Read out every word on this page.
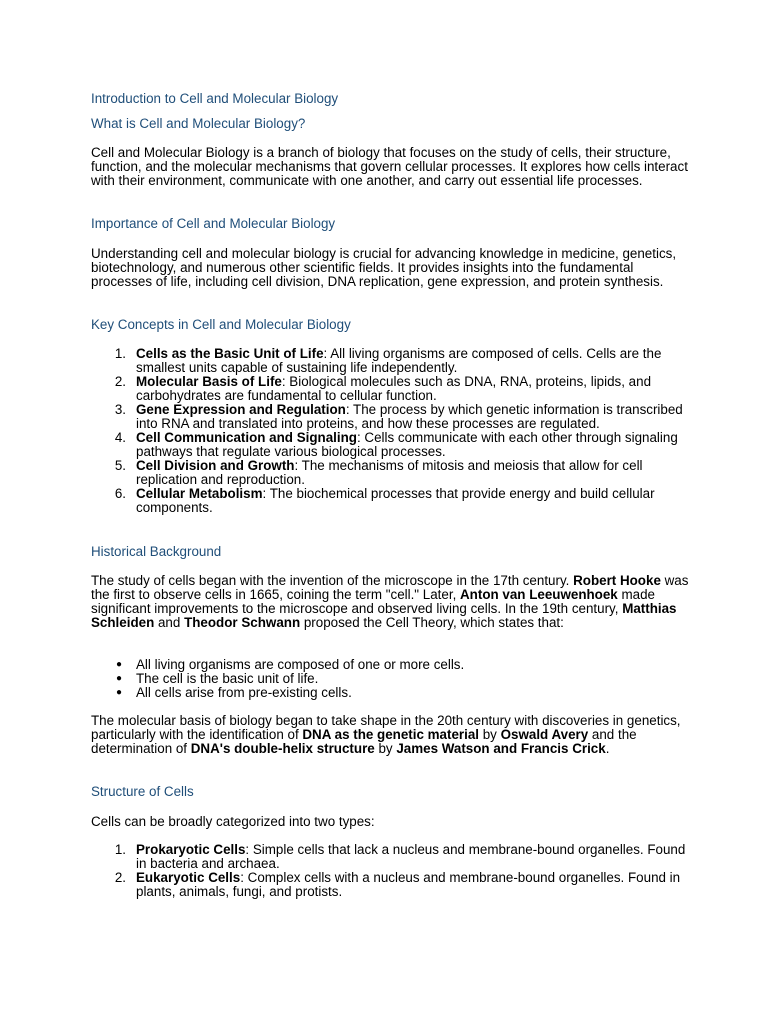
Introduction to Cell and Molecular Biology
What is Cell and Molecular Biology?

Cell and Molecular Biology is a branch of biology that focuses on the study of cells, their structure, function, and the molecular mechanisms that govern cellular processes. It explores how cells interact with their environment, communicate with one another, and carry out essential life processes.

Importance of Cell and Molecular Biology

Understanding cell and molecular biology is crucial for advancing knowledge in medicine, genetics, biotechnology, and numerous other scientific fields. It provides insights into the fundamental processes of life, including cell division, DNA replication, gene expression, and protein synthesis.

Key Concepts in Cell and Molecular Biology
1. Cells as the Basic Unit of Life: All living organisms are composed of cells. Cells are the smallest units capable of sustaining life independently.
2. Molecular Basis of Life: Biological molecules such as DNA, RNA, proteins, lipids, and carbohydrates are fundamental to cellular function.
3. Gene Expression and Regulation: The process by which genetic information is transcribed into RNA and translated into proteins, and how these processes are regulated.
4. Cell Communication and Signaling: Cells communicate with each other through signaling pathways that regulate various biological processes.
5. Cell Division and Growth: The mechanisms of mitosis and meiosis that allow for cell replication and reproduction.
6. Cellular Metabolism: The biochemical processes that provide energy and build cellular components.
Historical Background

The study of cells began with the invention of the microscope in the 17th century. Robert Hooke was the first to observe cells in 1665, coining the term "cell." Later, Anton van Leeuwenhoek made significant improvements to the microscope and observed living cells. In the 19th century, Matthias Schleiden and Theodor Schwann proposed the Cell Theory, which states that:

● All living organisms are composed of one or more cells.
● The cell is the basic unit of life.
● All cells arise from pre-existing cells.

The molecular basis of biology began to take shape in the 20th century with discoveries in genetics, particularly with the identification of DNA as the genetic material by Oswald Avery and the determination of DNA's double-helix structure by James Watson and Francis Crick.

Structure of Cells

Cells can be broadly categorized into two types:

1. Prokaryotic Cells: Simple cells that lack a nucleus and membrane-bound organelles. Found in bacteria and archaea.
2. Eukaryotic Cells: Complex cells with a nucleus and membrane-bound organelles. Found in plants, animals, fungi, and protists.
